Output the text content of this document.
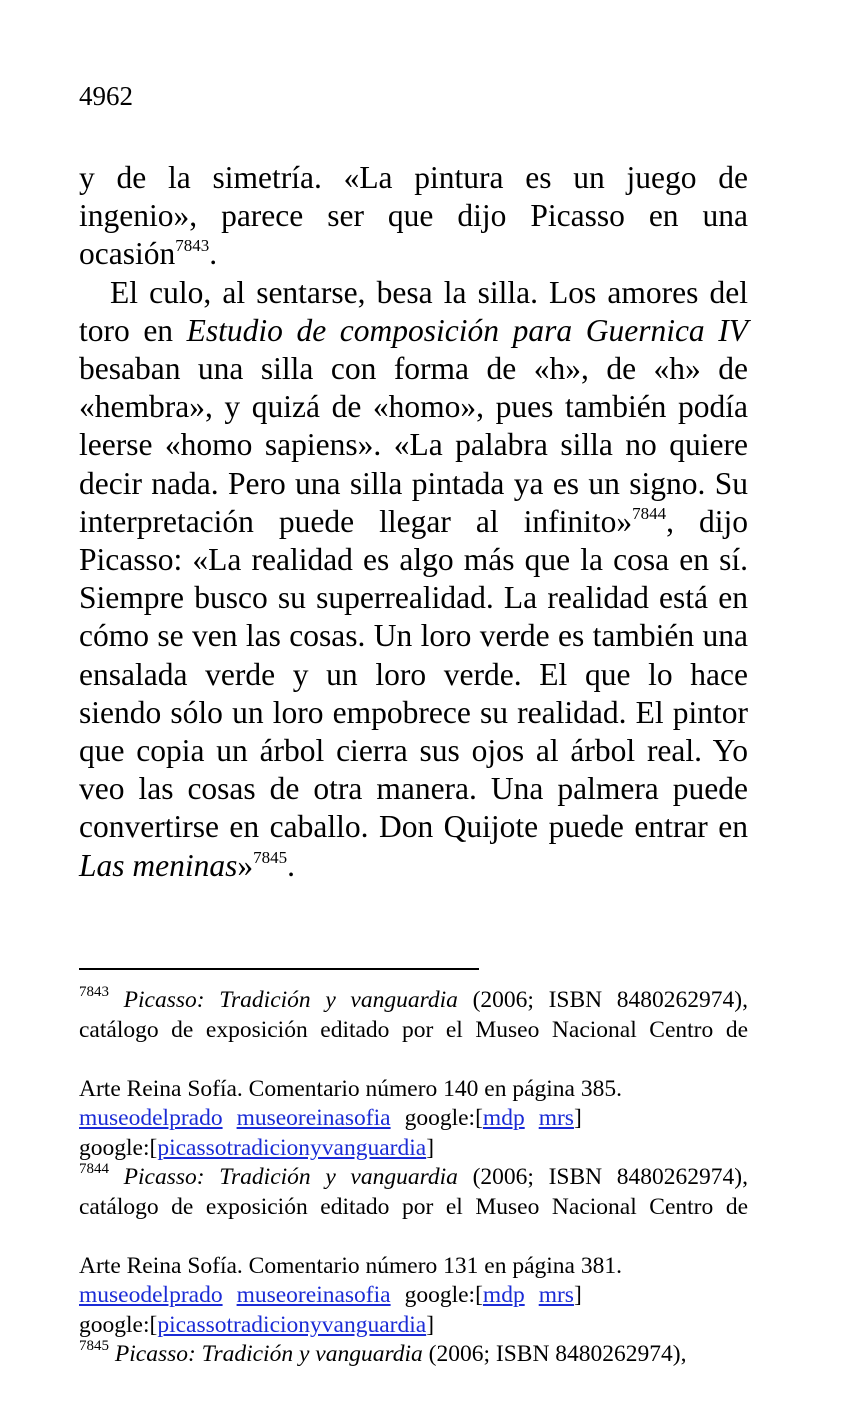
4962

y de la simetría. «La pintura es un juego de ingenio», parece ser que dijo Picasso en una ocasión$^{7843}$.

El culo, al sentarse, besa la silla. Los amores del toro en Estudio de composición para Guernica IV besaban una silla con forma de «h», de «h» de «hembra», y quizá de «homo», pues también podía leerse «homo sapiens». «La palabra silla no quiere decir nada. Pero una silla pintada ya es un signo. Su interpretación puede llegar al infinito»$^{7844}$, dijo Picasso: «La realidad es algo más que la cosa en sí. Siempre busco su superrealidad. La realidad está en cómo se ven las cosas. Un loro verde es también una ensalada verde y un loro verde. El que lo hace siendo sólo un loro empobrece su realidad. El pintor que copia un árbol cierra sus ojos al árbol real. Yo veo las cosas de otra manera. Una palmera puede convertirse en caballo. Don Quijote puede entrar en Las meninas»$^{7845}$.

$^{7843}$ Picasso: Tradición y vanguardia (2006; ISBN 8480262974), catálogo de exposición editado por el Museo Nacional Centro de
Arte Reina Sofía. Comentario número 140 en página 385.
museodelprado museoreinasofia google:[mdp mrs]
google:[picassotradicionyvanguardia]
$^{7844}$ Picasso: Tradición y vanguardia (2006; ISBN 8480262974), catálogo de exposición editado por el Museo Nacional Centro de
Arte Reina Sofía. Comentario número 131 en página 381.
museodelprado museoreinasofia google:[mdp mrs]
google:[picassotradicionyvanguardia]
$^{7845}$ Picasso: Tradición y vanguardia (2006; ISBN 8480262974),
